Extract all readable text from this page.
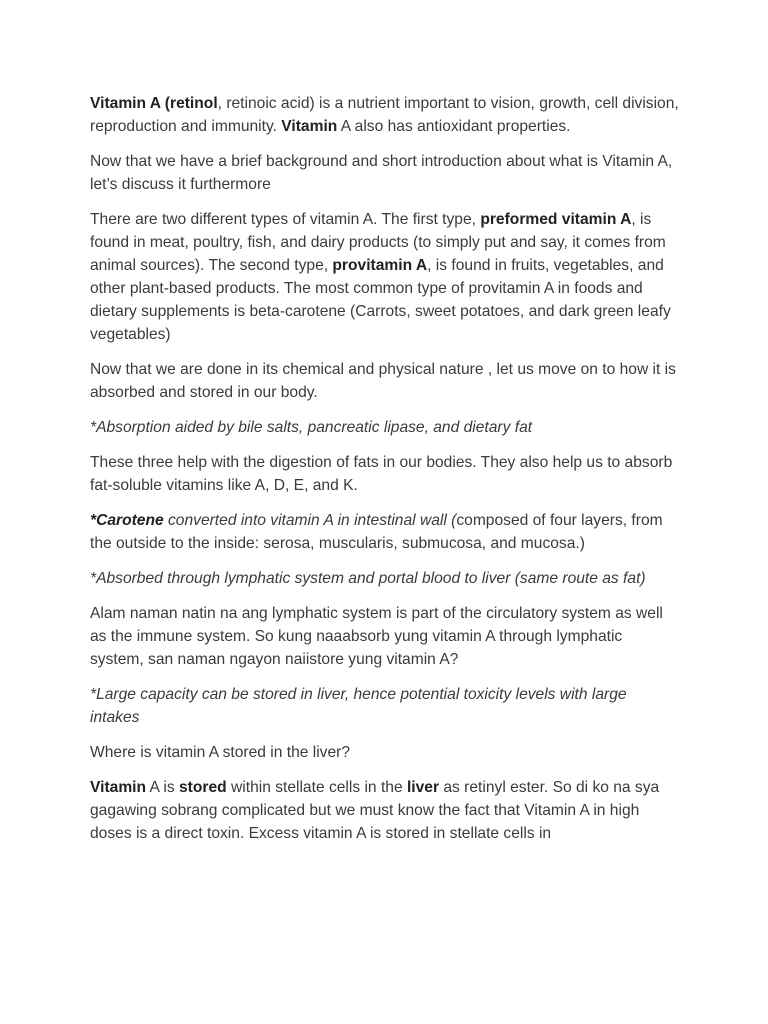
Vitamin A (retinol, retinoic acid) is a nutrient important to vision, growth, cell division, reproduction and immunity. Vitamin A also has antioxidant properties.

Now that we have a brief background and short introduction about what is Vitamin A, let’s discuss it furthermore

There are two different types of vitamin A. The first type, preformed vitamin A, is found in meat, poultry, fish, and dairy products (to simply put and say, it comes from animal sources). The second type, provitamin A, is found in fruits, vegetables, and other plant-based products. The most common type of provitamin A in foods and dietary supplements is beta-carotene (Carrots, sweet potatoes, and dark green leafy vegetables)

Now that we are done in its chemical and physical nature , let us move on to how it is absorbed and stored in our body.

*Absorption aided by bile salts, pancreatic lipase, and dietary fat

These three help with the digestion of fats in our bodies. They also help us to absorb fat-soluble vitamins like A, D, E, and K.

*Carotene converted into vitamin A in intestinal wall (composed of four layers, from the outside to the inside: serosa, muscularis, submucosa, and mucosa.)

*Absorbed through lymphatic system and portal blood to liver (same route as fat)

Alam naman natin na ang lymphatic system is part of the circulatory system as well as the immune system. So kung naaabsorb yung vitamin A through lymphatic system, san naman ngayon naiistore yung vitamin A?

*Large capacity can be stored in liver, hence potential toxicity levels with large intakes

Where is vitamin A stored in the liver?

Vitamin A is stored within stellate cells in the liver as retinyl ester. So di ko na sya gagawing sobrang complicated but we must know the fact that Vitamin A in high doses is a direct toxin. Excess vitamin A is stored in stellate cells in
